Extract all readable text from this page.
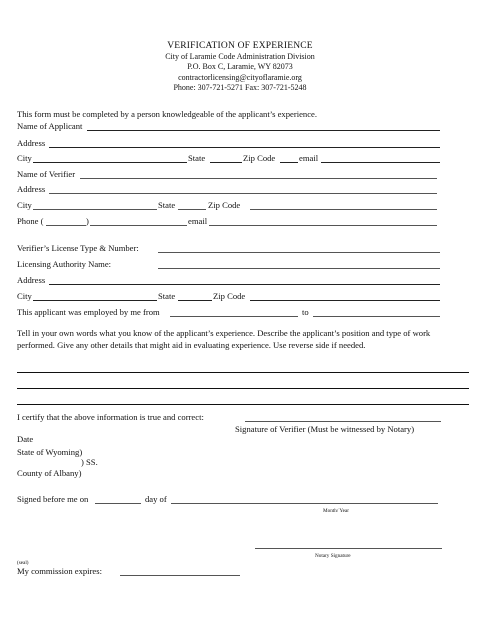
VERIFICATION OF EXPERIENCE
City of Laramie Code Administration Division
P.O. Box C, Laramie, WY 82073
contractorlicensing@cityoflaramie.org
Phone: 307-721-5271 Fax: 307-721-5248
This form must be completed by a person knowledgeable of the applicant’s experience.
Name of Applicant
Address
City	State	Zip Code	email
Name of Verifier
Address
City	State	Zip Code
Phone (	)	email
Verifier’s License Type & Number:
Licensing Authority Name:
Address
City	State	Zip Code
This applicant was employed by me from	to
Tell in your own words what you know of the applicant’s experience. Describe the applicant’s position and type of work performed. Give any other details that might aid in evaluating experience. Use reverse side if needed.
I certify that the above information is true and correct:
Signature of Verifier (Must be witnessed by Notary)
Date
State of Wyoming)
) SS.
County of Albany)
Signed before me on	day of
Month/ Year
Notary Signature
(seal)
My commission expires:
